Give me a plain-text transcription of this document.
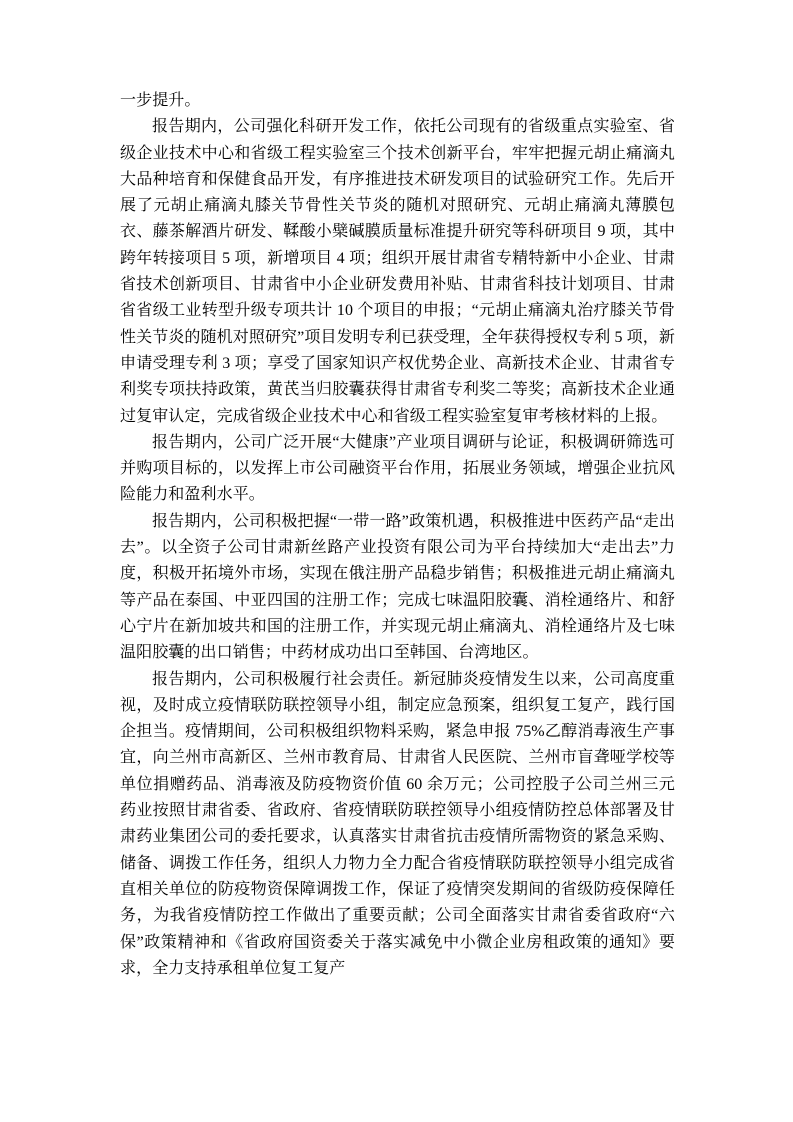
一步提升。

报告期内，公司强化科研开发工作，依托公司现有的省级重点实验室、省级企业技术中心和省级工程实验室三个技术创新平台，牢牢把握元胡止痛滴丸大品种培育和保健食品开发，有序推进技术研发项目的试验研究工作。先后开展了元胡止痛滴丸膝关节骨性关节炎的随机对照研究、元胡止痛滴丸薄膜包衣、藤茶解酒片研发、鞣酸小檗碱膜质量标准提升研究等科研项目 9 项，其中跨年转接项目 5 项，新增项目 4 项；组织开展甘肃省专精特新中小企业、甘肃省技术创新项目、甘肃省中小企业研发费用补贴、甘肃省科技计划项目、甘肃省省级工业转型升级专项共计 10 个项目的申报；“元胡止痛滴丸治疗膝关节骨性关节炎的随机对照研究”项目发明专利已获受理，全年获得授权专利 5 项，新申请受理专利 3 项；享受了国家知识产权优势企业、高新技术企业、甘肃省专利奖专项扶持政策，黄芪当归胶囊获得甘肃省专利奖二等奖；高新技术企业通过复审认定，完成省级企业技术中心和省级工程实验室复审考核材料的上报。

报告期内，公司广泛开展“大健康”产业项目调研与论证，积极调研筛选可并购项目标的，以发挥上市公司融资平台作用，拓展业务领域，增强企业抗风险能力和盈利水平。

报告期内，公司积极把握“一带一路”政策机遇，积极推进中医药产品“走出去”。以全资子公司甘肃新丝路产业投资有限公司为平台持续加大“走出去”力度，积极开拓境外市场，实现在俄注册产品稳步销售；积极推进元胡止痛滴丸等产品在泰国、中亚四国的注册工作；完成七味温阳胶囊、消栓通络片、和舒心宁片在新加坡共和国的注册工作，并实现元胡止痛滴丸、消栓通络片及七味温阳胶囊的出口销售；中药材成功出口至韩国、台湾地区。

报告期内，公司积极履行社会责任。新冠肺炎疫情发生以来，公司高度重视，及时成立疫情联防联控领导小组，制定应急预案，组织复工复产，践行国企担当。疫情期间，公司积极组织物料采购，紧急申报 75%乙醇消毒液生产事宜，向兰州市高新区、兰州市教育局、甘肃省人民医院、兰州市盲聋哑学校等单位捐赠药品、消毒液及防疫物资价值 60 余万元；公司控股子公司兰州三元药业按照甘肃省委、省政府、省疫情联防联控领导小组疫情防控总体部署及甘肃药业集团公司的委托要求，认真落实甘肃省抗击疫情所需物资的紧急采购、储备、调拨工作任务，组织人力物力全力配合省疫情联防联控领导小组完成省直相关单位的防疫物资保障调拨工作，保证了疫情突发期间的省级防疫保障任务，为我省疫情防控工作做出了重要贡献；公司全面落实甘肃省委省政府“六保”政策精神和《省政府国资委关于落实减免中小微企业房租政策的通知》要求，全力支持承租单位复工复产
